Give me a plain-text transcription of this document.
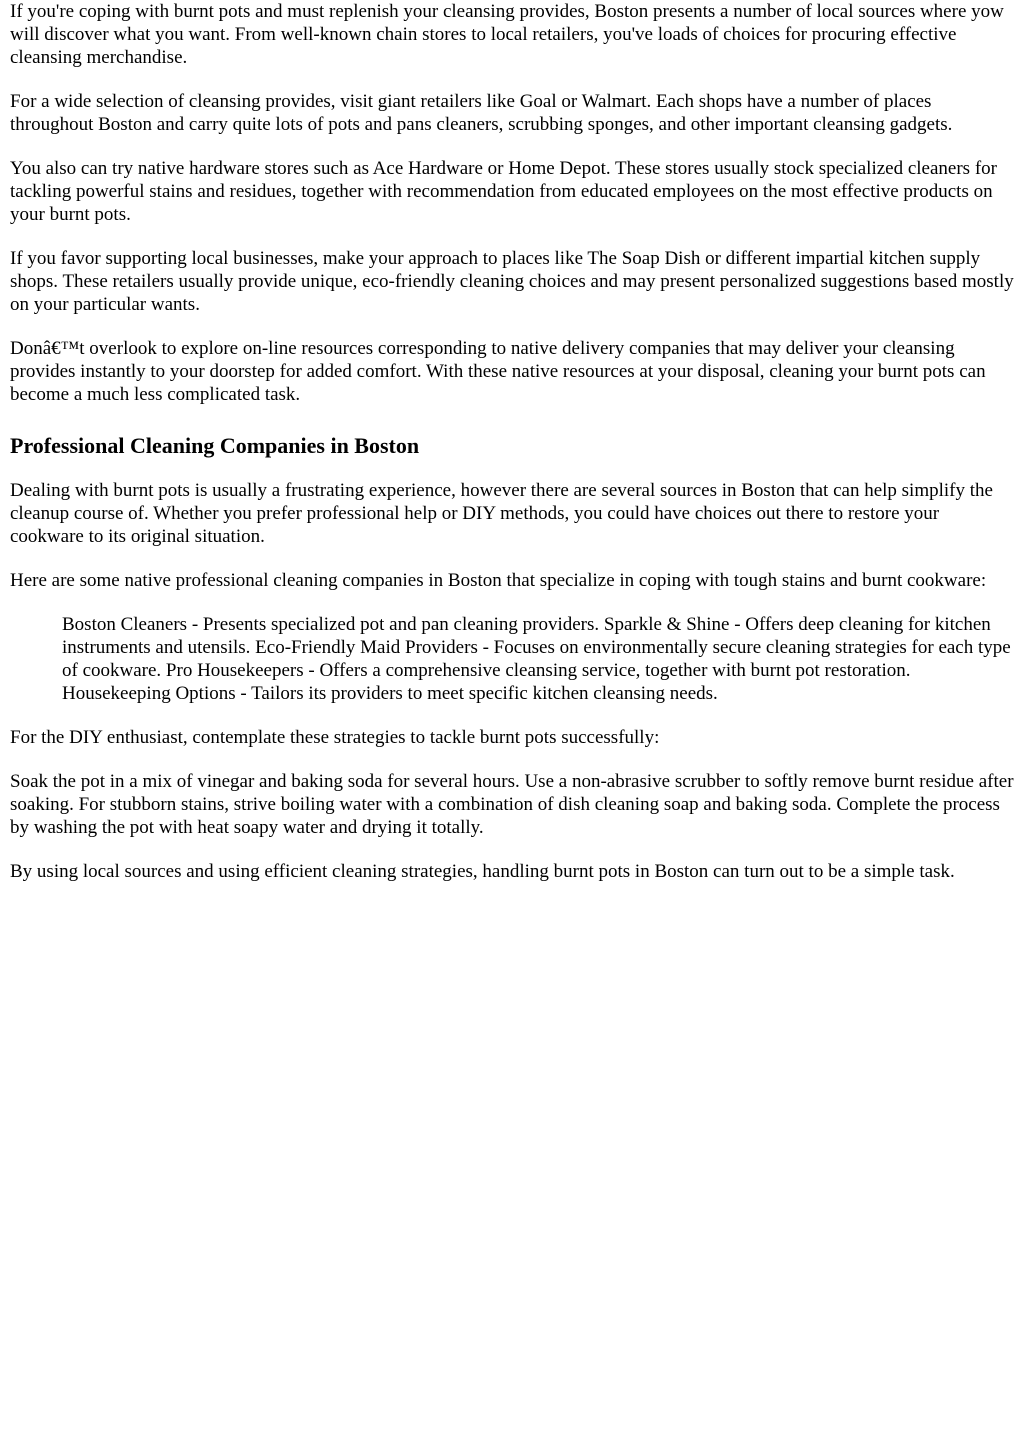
If you're coping with burnt pots and must replenish your cleansing provides, Boston presents a number of local sources where yow will discover what you want. From well-known chain stores to local retailers, you've loads of choices for procuring effective cleansing merchandise.

For a wide selection of cleansing provides, visit giant retailers like Goal or Walmart. Each shops have a number of places throughout Boston and carry quite lots of pots and pans cleaners, scrubbing sponges, and other important cleansing gadgets.

You also can try native hardware stores such as Ace Hardware or Home Depot. These stores usually stock specialized cleaners for tackling powerful stains and residues, together with recommendation from educated employees on the most effective products on your burnt pots.

If you favor supporting local businesses, make your approach to places like The Soap Dish or different impartial kitchen supply shops. These retailers usually provide unique, eco-friendly cleaning choices and may present personalized suggestions based mostly on your particular wants.

Donâ€™t overlook to explore on-line resources corresponding to native delivery companies that may deliver your cleansing provides instantly to your doorstep for added comfort. With these native resources at your disposal, cleaning your burnt pots can become a much less complicated task.

Professional Cleaning Companies in Boston

Dealing with burnt pots is usually a frustrating experience, however there are several sources in Boston that can help simplify the cleanup course of. Whether you prefer professional help or DIY methods, you could have choices out there to restore your cookware to its original situation.

Here are some native professional cleaning companies in Boston that specialize in coping with tough stains and burnt cookware:

Boston Cleaners - Presents specialized pot and pan cleaning providers. Sparkle & Shine - Offers deep cleaning for kitchen instruments and utensils. Eco-Friendly Maid Providers - Focuses on environmentally secure cleaning strategies for each type of cookware. Pro Housekeepers - Offers a comprehensive cleansing service, together with burnt pot restoration. Housekeeping Options - Tailors its providers to meet specific kitchen cleansing needs.

For the DIY enthusiast, contemplate these strategies to tackle burnt pots successfully:

Soak the pot in a mix of vinegar and baking soda for several hours. Use a non-abrasive scrubber to softly remove burnt residue after soaking. For stubborn stains, strive boiling water with a combination of dish cleaning soap and baking soda. Complete the process by washing the pot with heat soapy water and drying it totally.

By using local sources and using efficient cleaning strategies, handling burnt pots in Boston can turn out to be a simple task.
